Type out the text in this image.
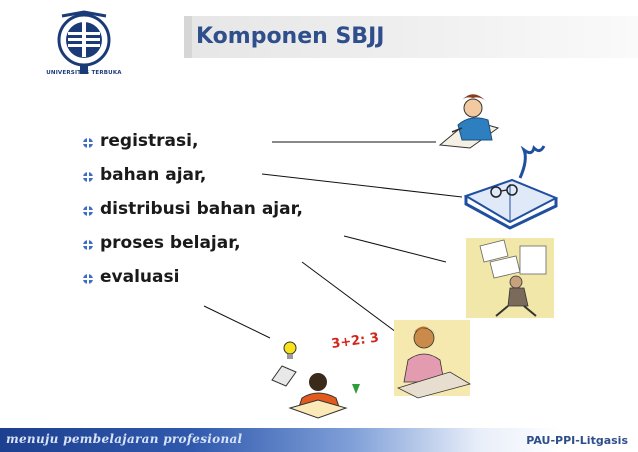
UNIVERSITAS TERBUKA
Komponen SBJJ
registrasi,
bahan ajar,
distribusi bahan ajar,
proses belajar,
evaluasi
3+2: 3
menuju pembelajaran profesional	PAU-PPI-Litgasis
